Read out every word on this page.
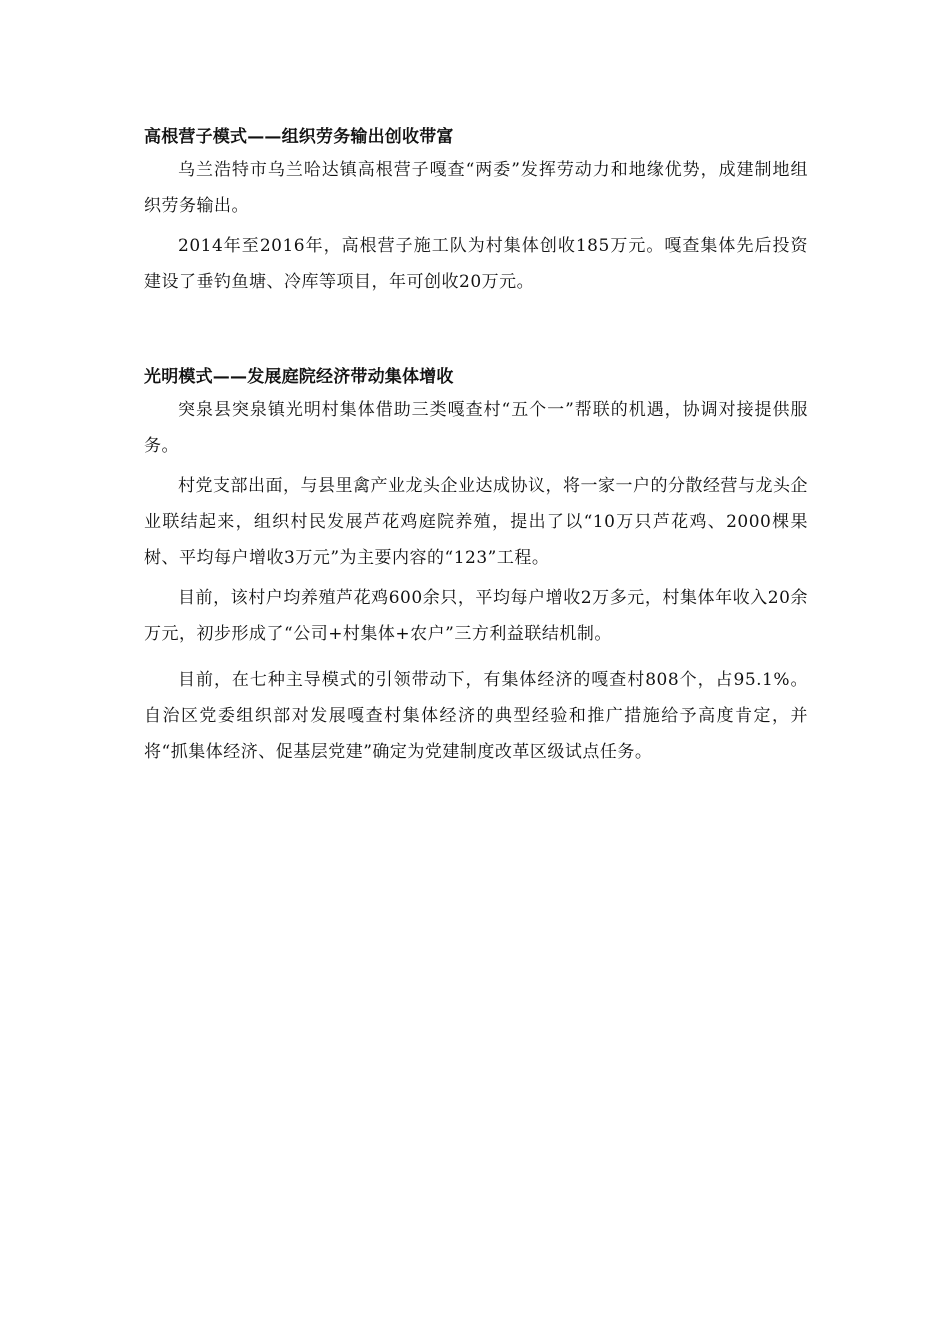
高根营子模式——组织劳务输出创收带富

乌兰浩特市乌兰哈达镇高根营子嘎查“两委”发挥劳动力和地缘优势，成建制地组织劳务输出。

2014年至2016年，高根营子施工队为村集体创收185万元。嘎查集体先后投资建设了垂钓鱼塘、冷库等项目，年可创收20万元。

光明模式——发展庭院经济带动集体增收

突泉县突泉镇光明村集体借助三类嘎查村“五个一”帮联的机遇，协调对接提供服务。

村党支部出面，与县里禽产业龙头企业达成协议，将一家一户的分散经营与龙头企业联结起来，组织村民发展芦花鸡庭院养殖，提出了以“10万只芦花鸡、2000棵果树、平均每户增收3万元”为主要内容的“123”工程。

目前，该村户均养殖芦花鸡600余只，平均每户增收2万多元，村集体年收入20余万元，初步形成了“公司+村集体+农户”三方利益联结机制。

目前，在七种主导模式的引领带动下，有集体经济的嘎查村808个，占95.1%。自治区党委组织部对发展嘎查村集体经济的典型经验和推广措施给予高度肯定，并将“抓集体经济、促基层党建”确定为党建制度改革区级试点任务。
